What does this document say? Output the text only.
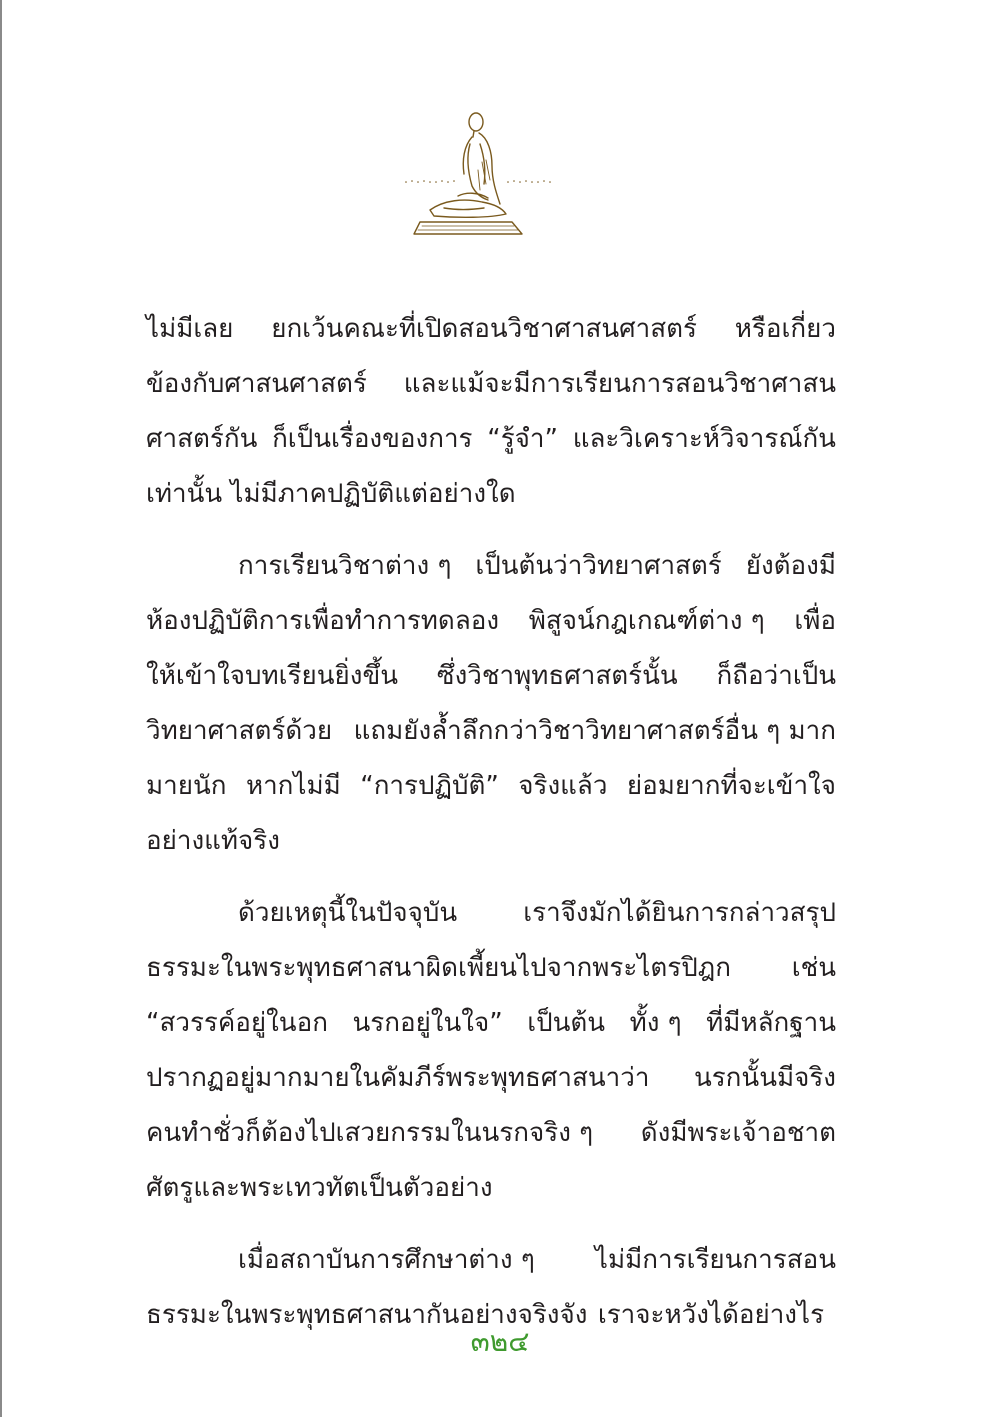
ไม่มีเลย ยกเว้นคณะที่เปิดสอนวิชาศาสนศาสตร์ หรือเกี่ยว
ข้องกับศาสนศาสตร์ และแม้จะมีการเรียนการสอนวิชาศาสน
ศาสตร์กัน ก็เป็นเรื่องของการ “รู้จำ” และวิเคราะห์วิจารณ์กัน
เท่านั้น ไม่มีภาคปฏิบัติแต่อย่างใด
การเรียนวิชาต่าง ๆ เป็นต้นว่าวิทยาศาสตร์ ยังต้องมี
ห้องปฏิบัติการเพื่อทำการทดลอง พิสูจน์กฎเกณฑ์ต่าง ๆ เพื่อ
ให้เข้าใจบทเรียนยิ่งขึ้น ซึ่งวิชาพุทธศาสตร์นั้น ก็ถือว่าเป็น
วิทยาศาสตร์ด้วย แถมยังล้ำลึกกว่าวิชาวิทยาศาสตร์อื่น ๆ มาก
มายนัก หากไม่มี “การปฏิบัติ” จริงแล้ว ย่อมยากที่จะเข้าใจ
อย่างแท้จริง
ด้วยเหตุนี้ในปัจจุบัน	เราจึงมักได้ยินการกล่าวสรุป
ธรรมะในพระพุทธศาสนาผิดเพี้ยนไปจากพระไตรปิฎก เช่น
“สวรรค์อยู่ในอก นรกอยู่ในใจ” เป็นต้น ทั้ง ๆ ที่มีหลักฐาน
ปรากฏอยู่มากมายในคัมภีร์พระพุทธศาสนาว่า นรกนั้นมีจริง
คนทำชั่วก็ต้องไปเสวยกรรมในนรกจริง ๆ ดังมีพระเจ้าอชาต
ศัตรูและพระเทวทัตเป็นตัวอย่าง
เมื่อสถาบันการศึกษาต่าง ๆ ไม่มีการเรียนการสอน
ธรรมะในพระพุทธศาสนากันอย่างจริงจัง เราจะหวังได้อย่างไร
๓๒๔
